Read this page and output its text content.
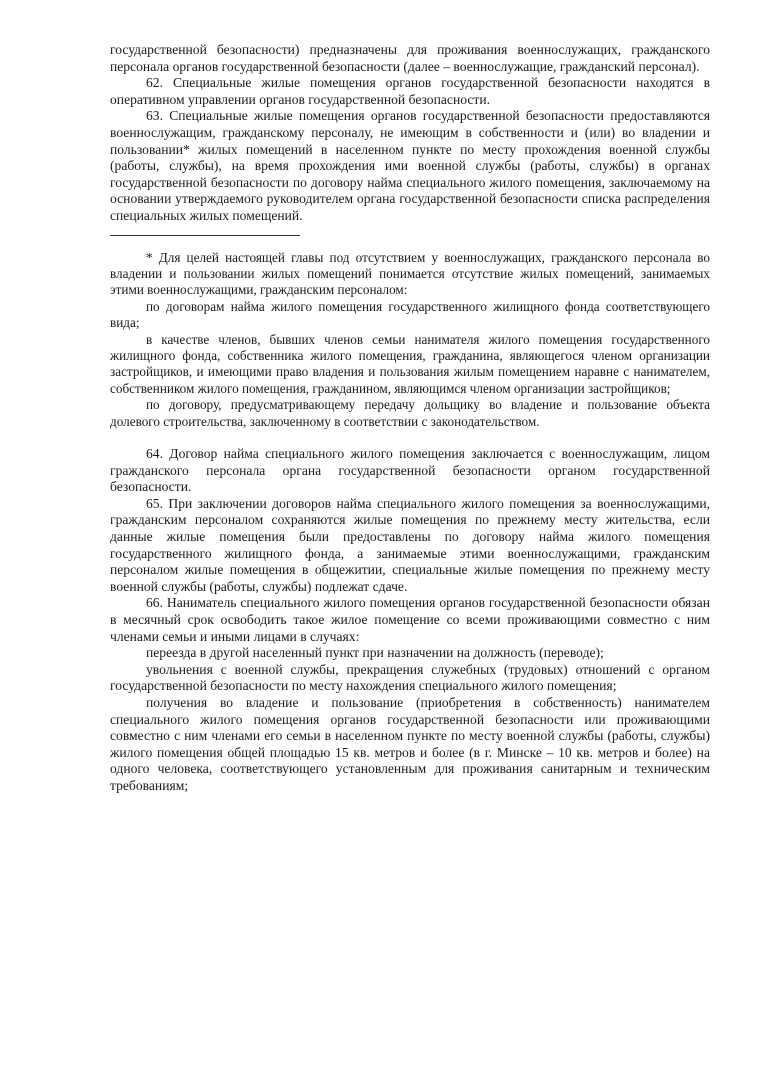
государственной безопасности) предназначены для проживания военнослужащих, гражданского персонала органов государственной безопасности (далее – военнослужащие, гражданский персонал).

62. Специальные жилые помещения органов государственной безопасности находятся в оперативном управлении органов государственной безопасности.

63. Специальные жилые помещения органов государственной безопасности предоставляются военнослужащим, гражданскому персоналу, не имеющим в собственности и (или) во владении и пользовании* жилых помещений в населенном пункте по месту прохождения военной службы (работы, службы), на время прохождения ими военной службы (работы, службы) в органах государственной безопасности по договору найма специального жилого помещения, заключаемому на основании утверждаемого руководителем органа государственной безопасности списка распределения специальных жилых помещений.

* Для целей настоящей главы под отсутствием у военнослужащих, гражданского персонала во владении и пользовании жилых помещений понимается отсутствие жилых помещений, занимаемых этими военнослужащими, гражданским персоналом:

по договорам найма жилого помещения государственного жилищного фонда соответствующего вида;

в качестве членов, бывших членов семьи нанимателя жилого помещения государственного жилищного фонда, собственника жилого помещения, гражданина, являющегося членом организации застройщиков, и имеющими право владения и пользования жилым помещением наравне с нанимателем, собственником жилого помещения, гражданином, являющимся членом организации застройщиков;

по договору, предусматривающему передачу дольщику во владение и пользование объекта долевого строительства, заключенному в соответствии с законодательством.

64. Договор найма специального жилого помещения заключается с военнослужащим, лицом гражданского персонала органа государственной безопасности органом государственной безопасности.

65. При заключении договоров найма специального жилого помещения за военнослужащими, гражданским персоналом сохраняются жилые помещения по прежнему месту жительства, если данные жилые помещения были предоставлены по договору найма жилого помещения государственного жилищного фонда, а занимаемые этими военнослужащими, гражданским персоналом жилые помещения в общежитии, специальные жилые помещения по прежнему месту военной службы (работы, службы) подлежат сдаче.

66. Наниматель специального жилого помещения органов государственной безопасности обязан в месячный срок освободить такое жилое помещение со всеми проживающими совместно с ним членами семьи и иными лицами в случаях:

переезда в другой населенный пункт при назначении на должность (переводе);

увольнения с военной службы, прекращения служебных (трудовых) отношений с органом государственной безопасности по месту нахождения специального жилого помещения;

получения во владение и пользование (приобретения в собственность) нанимателем специального жилого помещения органов государственной безопасности или проживающими совместно с ним членами его семьи в населенном пункте по месту военной службы (работы, службы) жилого помещения общей площадью 15 кв. метров и более (в г. Минске – 10 кв. метров и более) на одного человека, соответствующего установленным для проживания санитарным и техническим требованиям;
